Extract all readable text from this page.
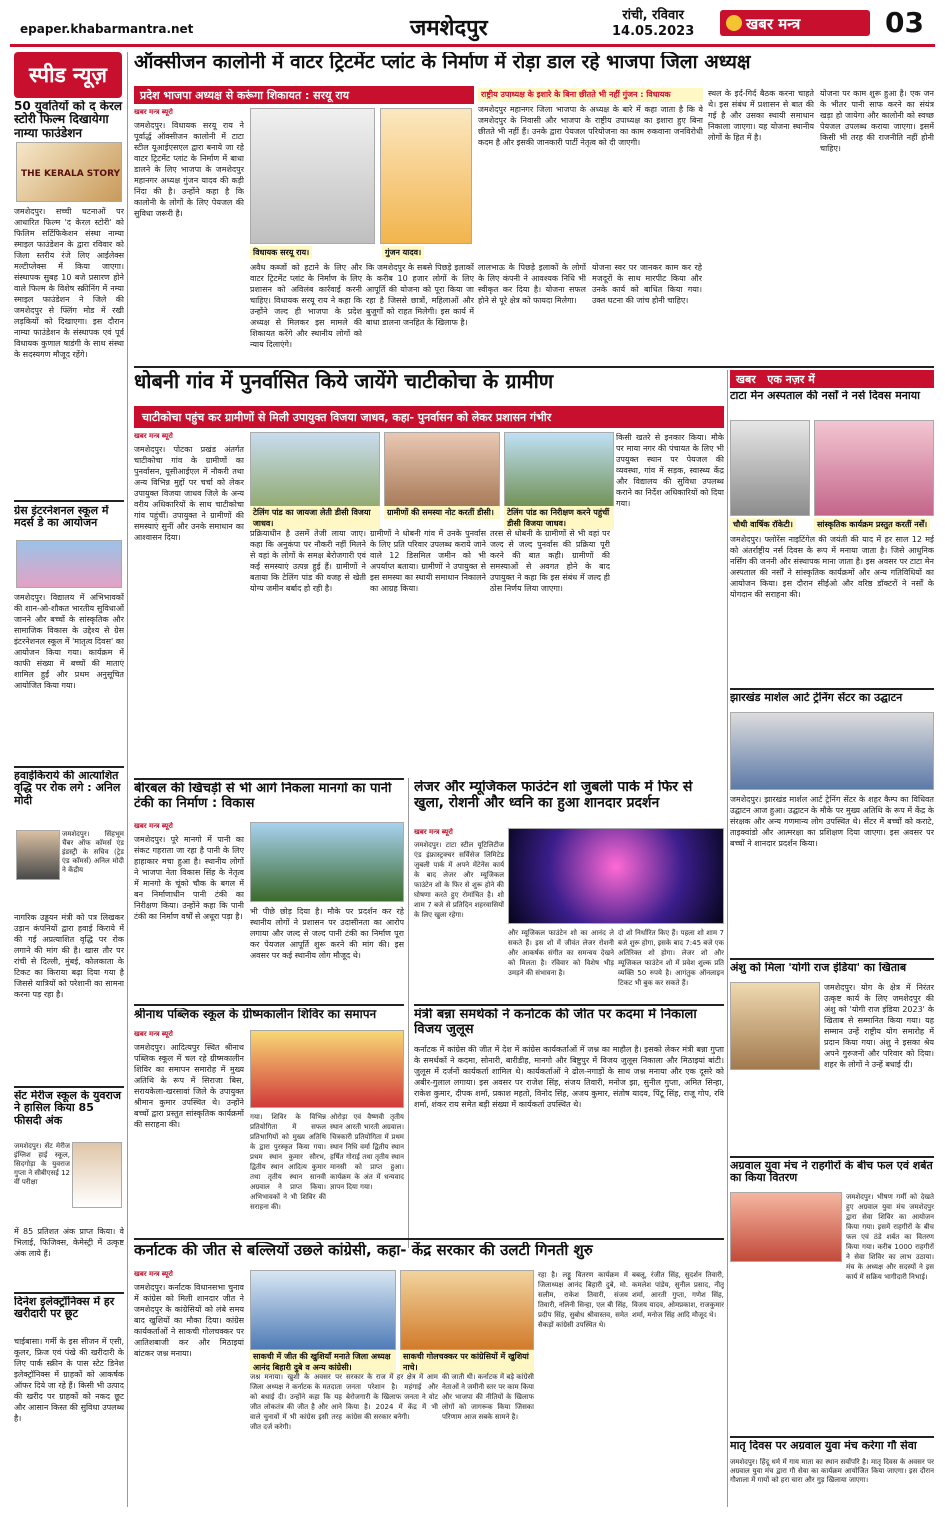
epaper.khabarmantra.net	जमशेदपुर
रांची, रविवार
14.05.2023	खबर मन्त्र	03
स्पीड न्यूज़
50 युवतियों को द केरल स्टोरी फिल्म दिखायेगा नाम्या फाउंडेशन
THE KERALA STORY
जमशेदपुर। सच्ची घटनाओं पर आधारित फिल्म 'द केरल स्टोरी' को फिलिम सर्टिफिकेशन संस्था नाम्या स्माइल फाउंडेशन के द्वारा रविवार को जिला स्तरीय रंजे लिए आईलेक्स मल्टीप्लेक्स में किया जाएगा। संस्थापक सुबह 10 बजे प्रसारण होने वाले फिल्म के विशेष स्क्रीनिंग में नम्या स्माइल फाउंडेशन ने जिले की जमशेदपुर से फ्लिंग मोड में रखी लड़कियों को दिखाएगा। इस दौरान नाम्या फाउंडेशन के संस्थापक एवं पूर्व विधायक कुणाल षाडंगी के साथ संस्था के सदस्यगण मौजूद रहेंगे।
ग्रेस इंटरनेशनल स्कूल में मदर्स डे का आयोजन
जमशेदपुर। विद्यालय में अभिभावकों की शान-ओ-शौकत भारतीय सुविधाओं जानने और बच्चों के सांस्कृतिक और सामाजिक विकास के उद्देश्य से ग्रेस इंटरनेशनल स्कूल में 'मातृत्व दिवस' का आयोजन किया गया। कार्यक्रम में काफी संख्या में बच्चों की माताएं शामिल हुईं और प्रथम अनुसूचित आयोजित किया गया।
हवाईकिराये की आत्याशित वृद्धि पर रोक लगे : अनिल मोदी
जमशेदपुर। सिंहभूम चैंबर ऑफ कॉमर्स एंड इंडस्ट्री के सचिव (ट्रेड एंड कॉमर्स) अनिल मोदी ने केंद्रीय
नागरिक उड्डयन मंत्री को पत्र लिखकर उड़ान कंपनियों द्वारा हवाई किराये में की गई अप्रत्याशित वृद्धि पर रोक लगाने की मांग की है। खास तौर पर रांची से दिल्ली, मुंबई, कोलकाता के टिकट का किराया बढ़ा दिया गया है जिससे यात्रियों को परेशानी का सामना करना पड़ रहा है।
सेंट मेरीज स्कूल के युवराज ने हासिल किया 85 फीसदी अंक
जमशेदपुर। सेंट मेरीज इंग्लिश हाई स्कूल, सिदगोड़ा के युवराज गुप्ता ने सीबीएसई 12 वीं परीक्षा
में 85 प्रतिशत अंक प्राप्त किया। वे भिलाई, फिजिक्स, केमेस्ट्री में उत्कृष्ट अंक लाये हैं।
दिनेश इलेक्ट्रॉनिक्स में हर खरीदारी पर छूट
चाईबासा। गर्मी के इस सीजन में एसी, कूलर, फ्रिज एवं पंखे की खरीदारी के लिए पार्क स्क्रीन के पास स्टेट डिनेश इलेक्ट्रॉनिक्स में ग्राहकों को आकर्षक ऑफर दिये जा रहे हैं। किसी भी उत्पाद की खरीद पर ग्राहकों को नकद छूट और आसान किस्त की सुविधा उपलब्ध है।
ऑक्सीजन कालोनी में वाटर ट्रिटमेंट प्लांट के निर्माण में रोड़ा डाल रहे भाजपा जिला अध्यक्ष
प्रदेश भाजपा अध्यक्ष से करूंगा शिकायत : सरयू राय
खबर मन्त्र ब्यूरो
जमशेदपुर। विधायक सरयू राय ने पूर्वार्द्ध ऑक्सीजन कालोनी में टाटा स्टील यूआईएसएल द्वारा बनाये जा रहे वाटर ट्रिटमेंट प्लांट के निर्माण में बाधा डालने के लिए भाजपा के जमशेदपुर महानगर अध्यक्ष गुंजन यादव की कड़ी निंदा की है। उन्होंने कहा है कि कालोनी के लोगों के लिए पेयजल की सुविधा जरूरी है।
विधायक सरयू राय।	गुंजन यादव।
अवैध कब्जों को हटाने के लिए और वाटर ट्रिटमेंट प्लांट के निर्माण के लिए प्रशासन को अविलंब कार्रवाई करनी चाहिए। विधायक सरयू राय ने कहा कि उन्होंने जल्द ही भाजपा के प्रदेश अध्यक्ष से मिलकर इस मामले की शिकायत करेंगे और स्थानीय लोगों को न्याय दिलाएंगे।
कि जमशेदपुर के सबसे पिछड़े इलाकों के करीब 10 हजार लोगों के लिए आपूर्ति की योजना को पूरा किया जा रहा है जिससे छात्रों, महिलाओं और बुजुर्गों को राहत मिलेगी। इस कार्य में बाधा डालना जनहित के खिलाफ है।
राष्ट्रीय उपाध्यक्ष के इशारे के बिना छीतते भी नहीं गुंजन : विधायक
जमशेदपुर महानगर जिला भाजपा के अध्यक्ष के बारे में कहा जाता है कि वे जमशेदपुर के निवासी और भाजपा के राष्ट्रीय उपाध्यक्ष का इशारा हुए बिना छीतते भी नहीं हैं। उनके द्वारा पेयजल परियोजना का काम रुकवाना जनविरोधी कदम है और इसकी जानकारी पार्टी नेतृत्व को दी जाएगी।
लालभाऊ के पिछड़े इलाकों के लोगों के लिए कंपनी ने आवश्यक निधि भी स्वीकृत कर दिया है। योजना सफल होने से पूरे क्षेत्र को फायदा मिलेगा।
योजना स्वर पर जानकर काम कर रहे मजदूरों के साथ मारपीट किया और उनके कार्य को बाधित किया गया। उक्त घटना की जांच होनी चाहिए।
स्थल के इर्द-गिर्द बैठक करना चाहते थे। इस संबंध में प्रशासन से बात की गई है और उसका स्थायी समाधान निकाला जाएगा। यह योजना स्थानीय लोगों के हित में है।
योजना पर काम शुरू हुआ है। एक जन के भीतर पानी साफ करने का संयंत्र खड़ा हो जायेगा और कालोनी को स्वच्छ पेयजल उपलब्ध कराया जाएगा। इसमें किसी भी तरह की राजनीति नहीं होनी चाहिए।
धोबनी गांव में पुनर्वासित किये जायेंगे चाटीकोचा के ग्रामीण
चाटीकोचा पहुंच कर ग्रामीणों से मिली उपायुक्त विजया जाधव, कहा- पुनर्वासन को लेकर प्रशासन गंभीर
खबर मन्त्र ब्यूरो
जमशेदपुर। पोटका प्रखंड अंतर्गत चाटीकोचा गांव के ग्रामीणों का पुनर्वासन, यूसीआईएल में नौकरी तथा अन्य विभिन्न मुद्दों पर चर्चा को लेकर उपायुक्त विजया जाधव जिले के अन्य वरीय अधिकारियों के साथ चाटीकोचा गांव पहुंचीं। उपायुक्त ने ग्रामीणों की समस्याएं सुनीं और उनके समाधान का आश्वासन दिया।
टेलिंग पांड का जायजा लेती डीसी विजया जाधव।
ग्रामीणों की समस्या नोट करतीं डीसी।	टेलिंग पांड का निरीक्षण करने पहुंचीं डीसी विजया जाधव।
प्रक्रियाधीन है उसमें तेजी लाया जाए। कहा कि अनुकंपा पर नौकरी नहीं मिलने से वहां के लोगों के समक्ष बेरोजगारी एवं कई समस्याएं उत्पन्न हुई हैं। ग्रामीणों ने बताया कि टेलिंग पांड की वजह से खेती योग्य जमीन बर्बाद हो रही है।
ग्रामीणों ने धोबनी गांव में उनके पुनर्वास के लिए प्रति परिवार उपलब्ध कराये जाने वाले 12 डिसमिल जमीन को भी अपर्याप्त बताया। ग्रामीणों ने उपायुक्त से इस समस्या का स्थायी समाधान निकालने का आग्रह किया।
तरस से धोबनी के ग्रामीणों से भी वहां पर जल्द से जल्द पुनर्वास की प्रक्रिया पूरी करने की बात कही। ग्रामीणों की समस्याओं से अवगत होने के बाद उपायुक्त ने कहा कि इस संबंध में जल्द ही ठोस निर्णय लिया जाएगा।
किसी खतरे से इनकार किया। मौके पर माया नगर की पंचायत के लिए भी उपयुक्त स्थान पर पेयजल की व्यवस्था, गांव में सड़क, स्वास्थ्य केंद्र और विद्यालय की सुविधा उपलब्ध कराने का निर्देश अधिकारियों को दिया गया।
खबर एक नज़र में
टाटा मेन अस्पताल की नर्सों ने नर्स दिवस मनाया
चौथी वार्षिक रॉकेटी।	सांस्कृतिक कार्यक्रम प्रस्तुत करतीं नर्सें।
जमशेदपुर। फ्लोरेंस नाइटिंगेल की जयंती की याद में हर साल 12 मई को अंतर्राष्ट्रीय नर्स दिवस के रूप में मनाया जाता है। जिसे आधुनिक नर्सिंग की जननी और संस्थापक माना जाता है। इस अवसर पर टाटा मेन अस्पताल की नर्सों ने सांस्कृतिक कार्यक्रमों और अन्य गतिविधियों का आयोजन किया। इस दौरान सीईओ और वरिष्ठ डॉक्टरों ने नर्सों के योगदान की सराहना की।
झारखंड मार्शल आर्ट ट्रेनिंग सेंटर का उद्घाटन
जमशेदपुर। झारखंड मार्शल आर्ट ट्रेनिंग सेंटर के शहर कैम्प का विधिवत उद्घाटन आज हुआ। उद्घाटन के मौके पर मुख्य अतिथि के रूप में केंद्र के संरक्षक और अन्य गणमान्य लोग उपस्थित थे। सेंटर में बच्चों को कराटे, ताइक्वांडो और आत्मरक्षा का प्रशिक्षण दिया जाएगा। इस अवसर पर बच्चों ने शानदार प्रदर्शन किया।
अंशु को मिला 'योगी राज इंडिया' का खिताब
जमशेदपुर। योग के क्षेत्र में निरंतर उत्कृष्ट कार्य के लिए जमशेदपुर की अंशु को 'योगी राज इंडिया 2023' के खिताब से सम्मानित किया गया। यह सम्मान उन्हें राष्ट्रीय योग समारोह में प्रदान किया गया। अंशु ने इसका श्रेय अपने गुरुजनों और परिवार को दिया। शहर के लोगों ने उन्हें बधाई दी।
अग्रवाल युवा मंच ने राहगीरों के बीच फल एवं शर्बत का किया वितरण
जमशेदपुर। भीषण गर्मी को देखते हुए अग्रवाल युवा मंच जमशेदपुर द्वारा सेवा शिविर का आयोजन किया गया। इसमें राहगीरों के बीच फल एवं ठंडे शर्बत का वितरण किया गया। करीब 1000 राहगीरों ने सेवा शिविर का लाभ उठाया। मंच के अध्यक्ष और सदस्यों ने इस कार्य में सक्रिय भागीदारी निभाई।
मातृ दिवस पर अग्रवाल युवा मंच करेगा गौ सेवा
जमशेदपुर। हिंदू धर्म में गाय माता का स्थान सर्वोपरि है। मातृ दिवस के अवसर पर अग्रवाल युवा मंच द्वारा गौ सेवा का कार्यक्रम आयोजित किया जाएगा। इस दौरान गौशाला में गायों को हरा चारा और गुड़ खिलाया जाएगा।
बीरबल की खिचड़ी से भी आगे निकला मानगो का पानी टंकी का निर्माण : विकास
खबर मन्त्र ब्यूरो
जमशेदपुर। पूरे मानगो में पानी का संकट गहराता जा रहा है पानी के लिए हाहाकार मचा हुआ है। स्थानीय लोगों ने भाजपा नेता विकास सिंह के नेतृत्व में मानगो के चूंको चौक के बगल में बन निर्माणाधीन पानी टंकी का निरीक्षण किया। उन्होंने कहा कि पानी टंकी का निर्माण वर्षों से अधूरा पड़ा है।
भी पीछे छोड़ दिया है। मौके पर प्रदर्शन कर रहे स्थानीय लोगों ने प्रशासन पर उदासीनता का आरोप लगाया और जल्द से जल्द पानी टंकी का निर्माण पूरा कर पेयजल आपूर्ति शुरू करने की मांग की। इस अवसर पर कई स्थानीय लोग मौजूद थे।
लेजर और म्यूजिकल फाउंटेन शो जुबली पार्क में फिर से खुला, रोशनी और ध्वनि का हुआ शानदार प्रदर्शन
खबर मन्त्र ब्यूरो
जमशेदपुर। टाटा स्टील यूटिलिटीज एंड इंफ्रास्ट्रक्चर सर्विसेज लिमिटेड जुबली पार्क में अपने मेंटेनेंस कार्य के बाद लेजर और म्यूजिकल फाउंटेन शो के फिर से शुरू होने की घोषणा करते हुए रोमांचित है। शो शाम 7 बजे से प्रतिदिन शहरवासियों के लिए खुला रहेगा।
और म्यूजिकल फाउंटेन शो का आनंद ले सकते हैं। इस शो में जीवंत लेजर रोशनी और आकर्षक संगीत का समन्वय देखने को मिलता है। रविवार को विशेष भीड़ उमड़ने की संभावना है।
दो शो निर्धारित किए हैं। पहला शो शाम 7 बजे शुरू होगा, इसके बाद 7:45 बजे एक अतिरिक्त शो होगा। लेजर शो और म्यूजिकल फाउंटेन शो में प्रवेश शुल्क प्रति व्यक्ति 50 रुपये है। आगंतुक ऑनलाइन टिकट भी बुक कर सकते हैं।
श्रीनाथ पब्लिक स्कूल के ग्रीष्मकालीन शिविर का समापन
खबर मन्त्र ब्यूरो
जमशेदपुर। आदित्यपुर स्थित श्रीनाथ पब्लिक स्कूल में चल रहे ग्रीष्मकालीन शिविर का समापन समारोह में मुख्य अतिथि के रूप में सिराजा बिस, सरायकेला-खरसावां जिले के उपायुक्त श्रीमान कुमार उपस्थित थे। उन्होंने बच्चों द्वारा प्रस्तुत सांस्कृतिक कार्यक्रमों की सराहना की।
गया। शिविर के विभिन्न प्रतियोगिता में सफल प्रतिभागियों को मुख्य अतिथि के द्वारा पुरस्कृत किया गया। प्रथम स्थान कुमार सौरभ, द्वितीय स्थान आदित्य कुमार तथा तृतीय स्थान सानवी अग्रवाल ने प्राप्त किया। अभिभावकों ने भी शिविर की सराहना की।
ओरोड़ा एवं वैष्णवी तृतीय स्थान आरती भारती अग्रवाल। चित्रकारी प्रतियोगिता में प्रथम स्थान निधि वर्मा द्वितीय स्थान हर्षित गोराई तथा तृतीय स्थान मानसी को प्राप्त हुआ। कार्यक्रम के अंत में धन्यवाद ज्ञापन दिया गया।
मंत्री बन्ना समर्थकों ने कर्नाटक की जीत पर कदमा में निकाला विजय जुलूस
कर्नाटक में कांग्रेस की जीत में देश में कांग्रेस कार्यकर्ताओं में जश्न का माहौल है। इसको लेकर मंत्री बन्ना गुप्ता के समर्थकों ने कदमा, सोनारी, बारीडीह, मानगो और बिष्टुपुर में विजय जुलूस निकाला और मिठाइयां बांटी। जुलूस में दर्जनों कार्यकर्ता शामिल थे। कार्यकर्ताओं ने ढोल-नगाड़ों के साथ जश्न मनाया और एक दूसरे को अबीर-गुलाल लगाया। इस अवसर पर राजेश सिंह, संजय तिवारी, मनोज झा, सुनील गुप्ता, अमित सिन्हा, राकेश कुमार, दीपक शर्मा, प्रकाश महतो, विनोद सिंह, अजय कुमार, संतोष यादव, पिंटू सिंह, राजू गोप, रवि शर्मा, शंकर राय समेत बड़ी संख्या में कार्यकर्ता उपस्थित थे।
कर्नाटक की जीत से बल्लियों उछले कांग्रेसी, कहा- केंद्र सरकार की उलटी गिनती शुरु
खबर मन्त्र ब्यूरो
जमशेदपुर। कर्नाटक विधानसभा चुनाव में कांग्रेस को मिली शानदार जीत ने जमशेदपुर के कांग्रेसियों को लंबे समय बाद खुशियों का मौका दिया। कांग्रेस कार्यकर्ताओं ने साकची गोलचक्कर पर आतिशबाजी कर और मिठाइयां बांटकर जश्न मनाया।	साकची में जीत की खुशियाँ मनाते जिला अध्यक्ष आनंद बिहारी दुबे व अन्य कांग्रेसी।
साकची गोलचक्कर पर कांग्रेसियों में खुशियां नाचे।
जश्न मनाया। खुशी के अवसर पर जिला अध्यक्ष ने कर्नाटक के मतदाता को बधाई दी। उन्होंने कहा कि यह जीत लोकतंत्र की जीत है और आने वाले चुनावों में भी कांग्रेस इसी तरह जीत दर्ज करेगी।
सरकार के राज में हर क्षेत्र में आम जनता परेशान है। महंगाई और बेरोजगारी के खिलाफ जनता ने वोट किया है। 2024 में केंद्र में भी कांग्रेस की सरकार बनेगी।
की जाती थी। कर्नाटक में बड़े कांग्रेसी नेताओं ने जमीनी स्तर पर काम किया और भाजपा की नीतियों के खिलाफ लोगों को जागरूक किया जिसका परिणाम आज सबके सामने है।
रहा है। लड्डू वितरण कार्यक्रम में जिलाध्यक्ष आनंद बिहारी दुबे, मो. सलीम, राकेश तिवारी, संजय तिवारी, नलिनी सिन्हा, एल बी सिंह, प्रदीप सिंह, सुबोध श्रीवास्तव, समेत सैकड़ों कांग्रेसी उपस्थित थे।
बबलू, रंजीत सिंह, सुदर्शन तिवारी, कमलेश पांडेय, सुनील प्रसाद, नीतू शर्मा, आरती गुप्ता, गणेश सिंह, विजय यादव, ओमप्रकाश, राजकुमार शर्मा, मनोज सिंह आदि मौजूद थे।
